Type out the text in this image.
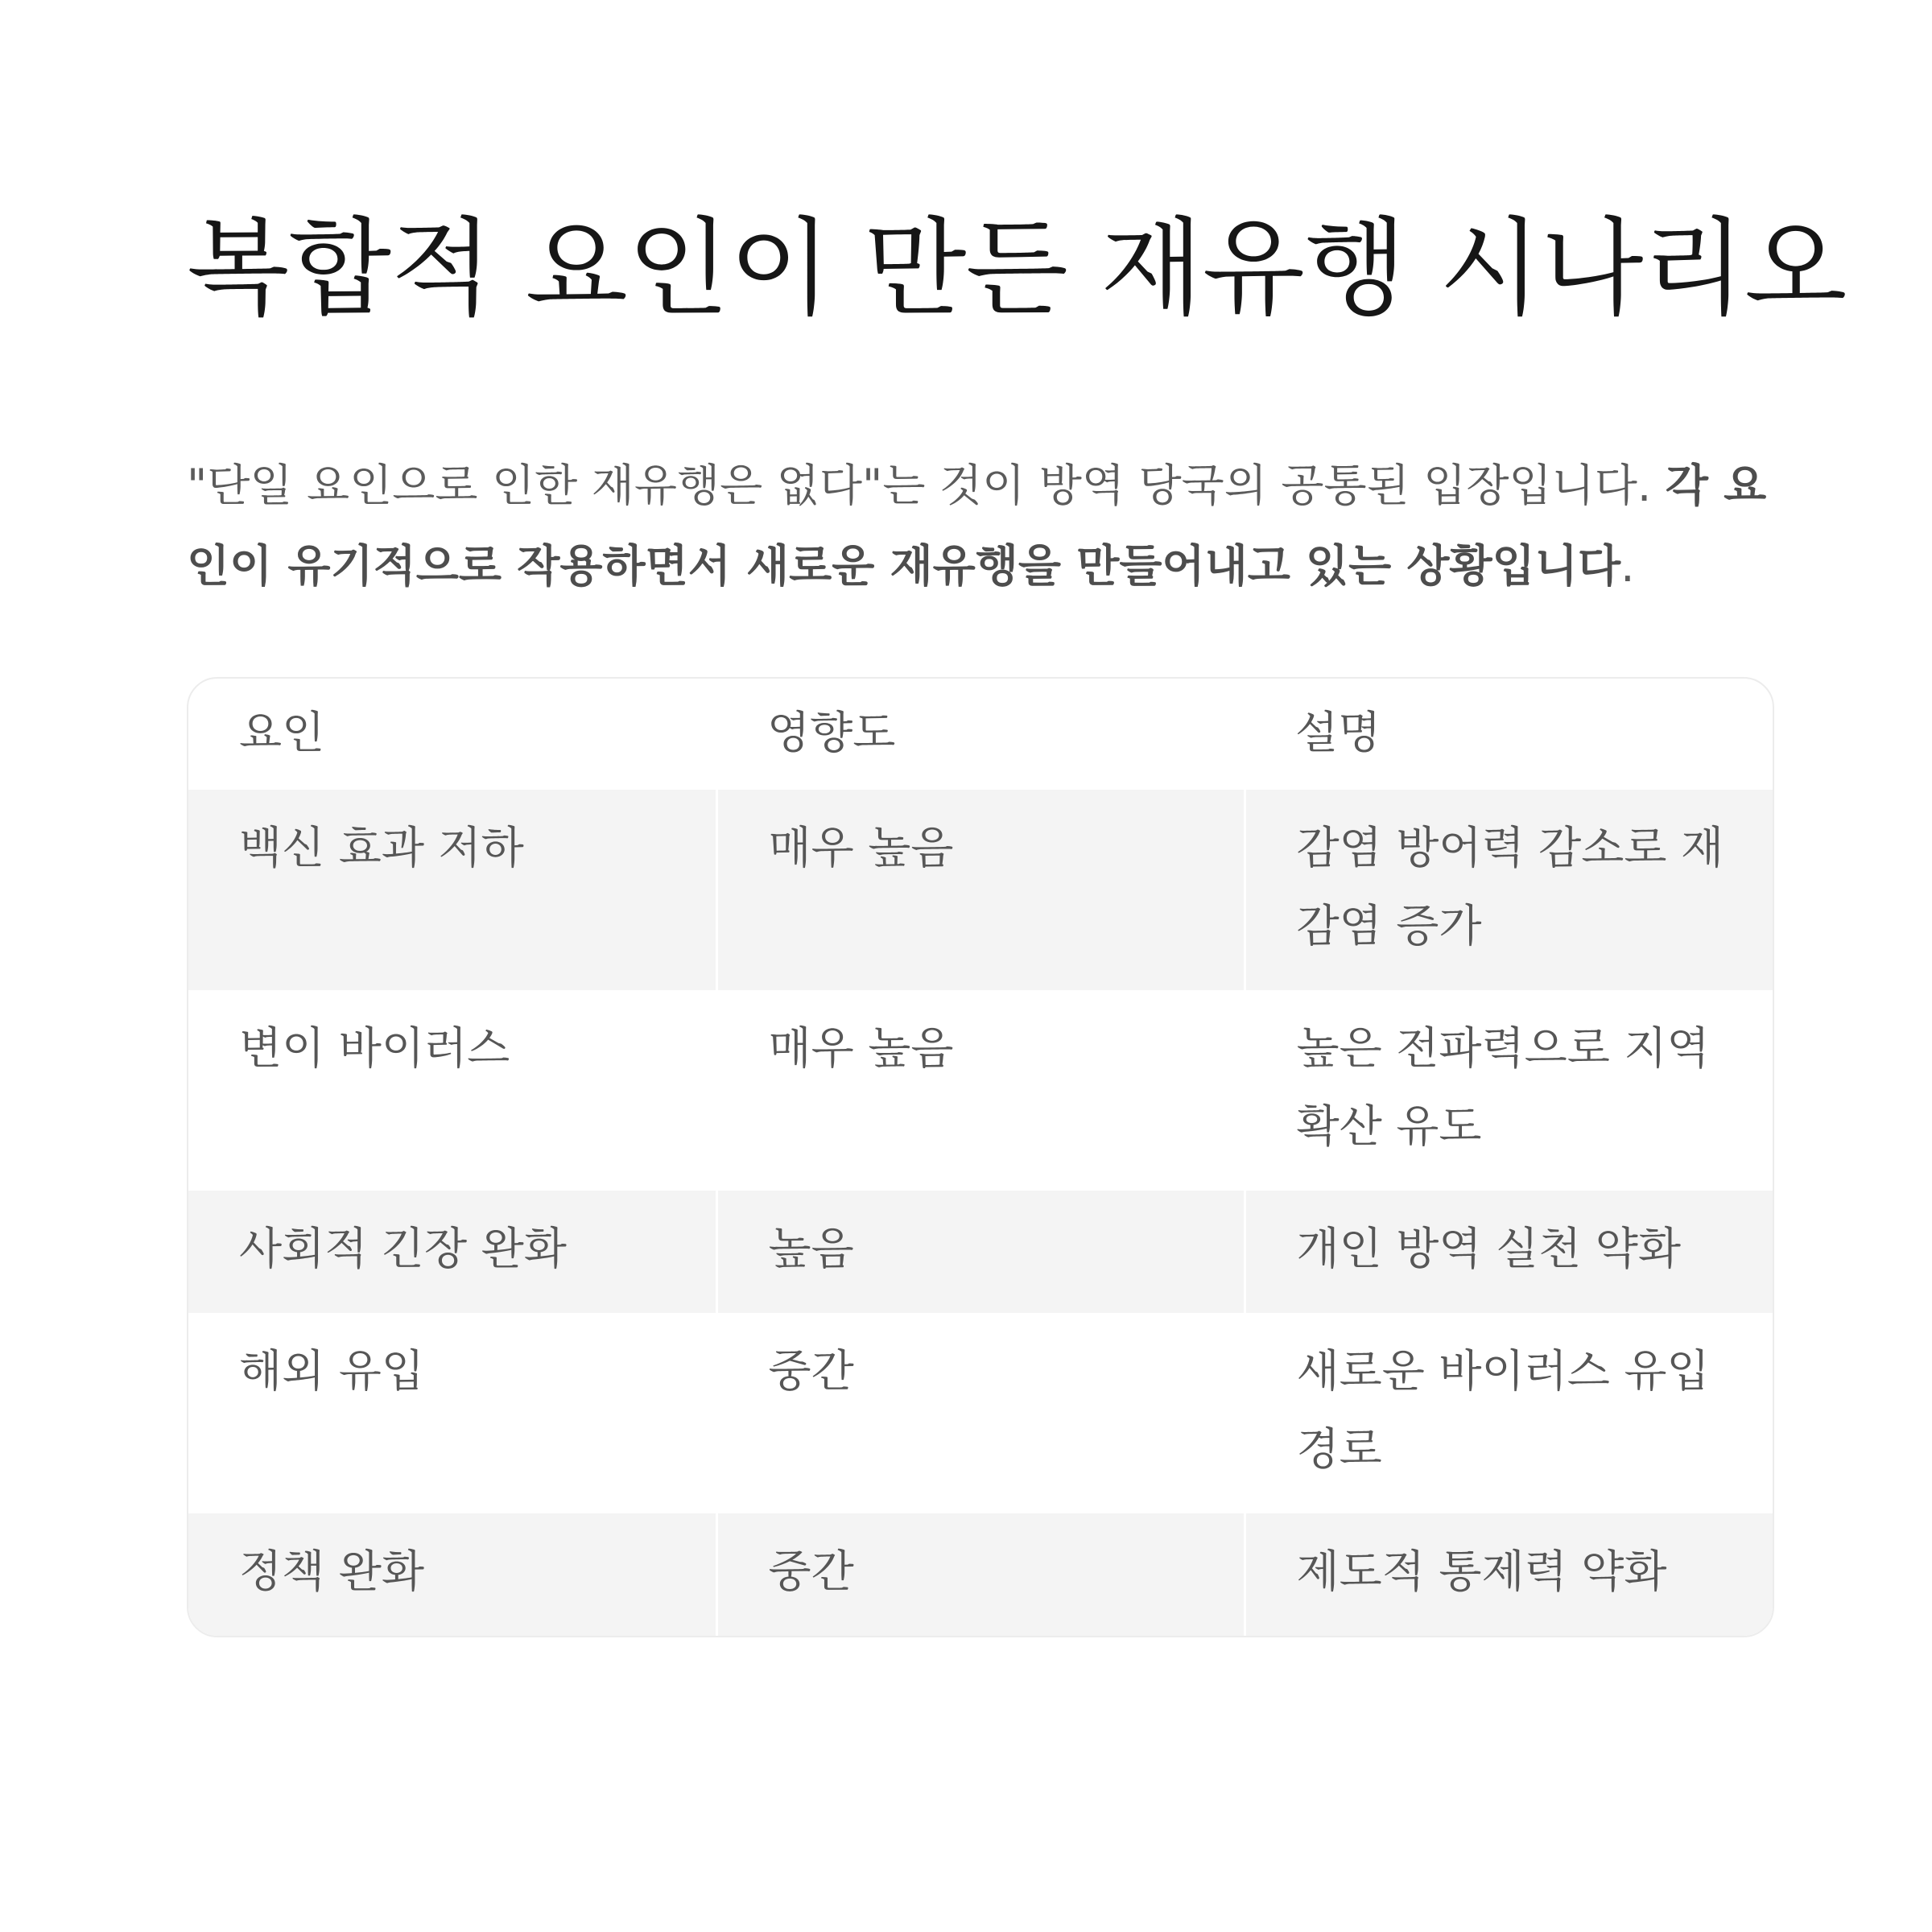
복합적 요인이 만든 재유행 시나리오

"단일 요인으로 인한 재유행은 없다"는 것이 방역 당국의 공통된 입장입니다. 각 요인이 유기적으로 작용하면서 새로운 재유행을 만들어내고 있는 상황입니다.

요인	영향도	설명
백신 효과 저하	매우 높음	감염 방어력 감소로 재감염 증가
변이 바이러스	매우 높음	높은 전파력으로 지역 확산 유도
사회적 긴장 완화	높음	개인 방역 실천 약화
해외 유입	중간	새로운 바이러스 유입 경로
정책 완화	중간	제도적 통제력 약화
